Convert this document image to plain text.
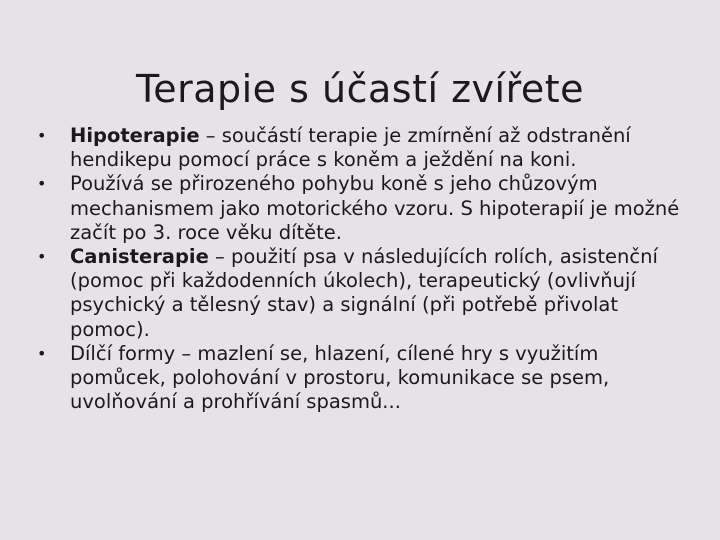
Terapie s účastí zvířete
•	Hipoterapie – součástí terapie je zmírnění až odstranění hendikepu pomocí práce s koněm a ježdění na koni.
•	Používá se přirozeného pohybu koně s jeho chůzovým mechanismem jako motorického vzoru. S hipoterapií je možné začít po 3. roce věku dítěte.
•	Canisterapie – použití psa v následujících rolích, asistenční (pomoc při každodenních úkolech), terapeutický (ovlivňují psychický a tělesný stav) a signální (při potřebě přivolat pomoc).
•	Dílčí formy – mazlení se, hlazení, cílené hry s využitím pomůcek, polohování v prostoru, komunikace se psem, uvolňování a prohřívání spasmů...
